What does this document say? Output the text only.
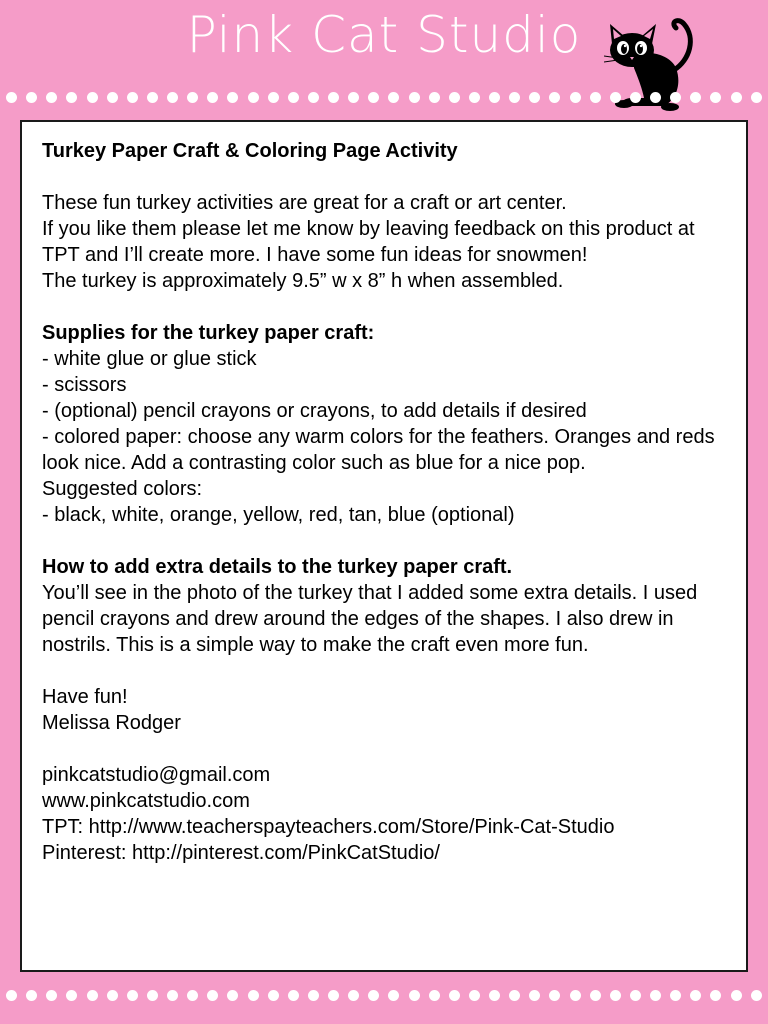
Pink Cat Studio

Turkey Paper Craft & Coloring Page Activity

These fun turkey activities are great for a craft or art center.

If you like them please let me know by leaving feedback on this product at TPT and I’ll create more. I have some fun ideas for snowmen!

The turkey is approximately 9.5” w x 8” h when assembled.

Supplies for the turkey paper craft:

- white glue or glue stick

- scissors

- (optional) pencil crayons or crayons, to add details if desired

- colored paper: choose any warm colors for the feathers. Oranges and reds look nice. Add a contrasting color such as blue for a nice pop.

Suggested colors:

- black, white, orange, yellow, red, tan, blue (optional)

How to add extra details to the turkey paper craft.

You’ll see in the photo of the turkey that I added some extra details. I used pencil crayons and drew around the edges of the shapes. I also drew in nostrils. This is a simple way to make the craft even more fun.

Have fun!

Melissa Rodger

pinkcatstudio@gmail.com

www.pinkcatstudio.com

TPT: http://www.teacherspayteachers.com/Store/Pink-Cat-Studio

Pinterest: http://pinterest.com/PinkCatStudio/
